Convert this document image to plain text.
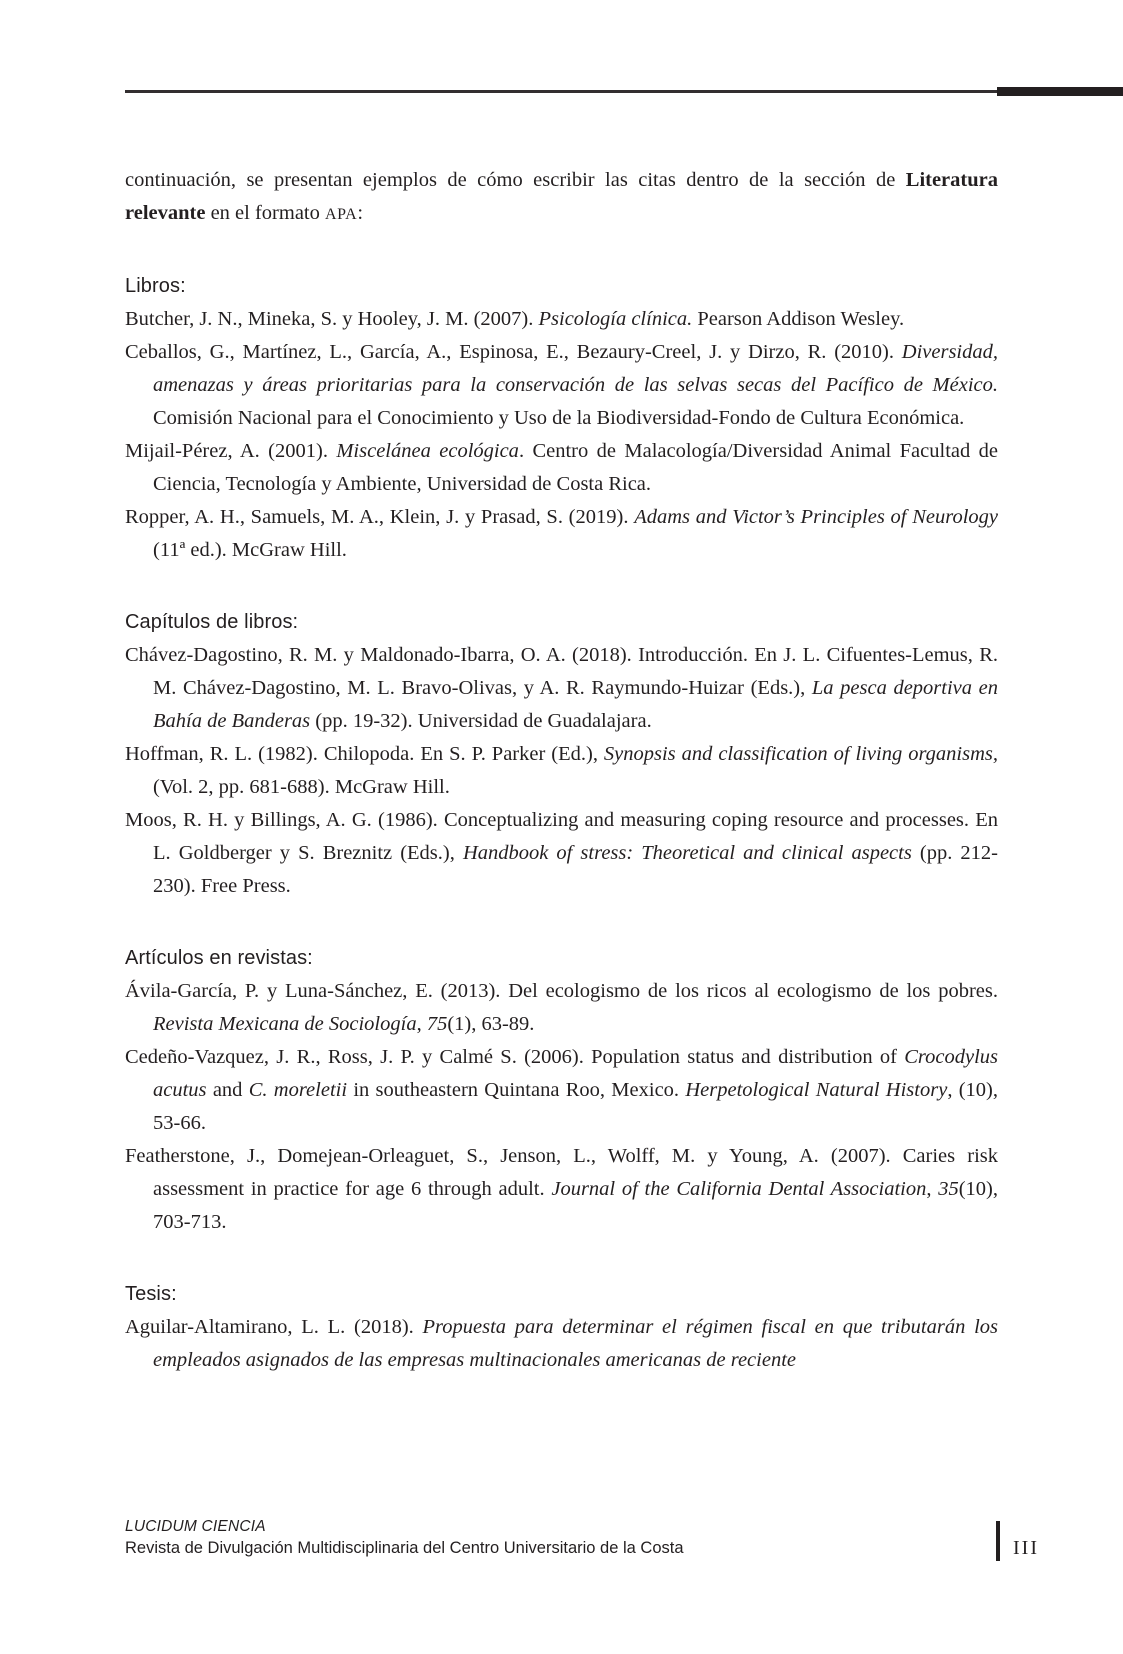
continuación, se presentan ejemplos de cómo escribir las citas dentro de la sección de Literatura relevante en el formato APA:

Libros:

Butcher, J. N., Mineka, S. y Hooley, J. M. (2007). Psicología clínica. Pearson Addison Wesley.

Ceballos, G., Martínez, L., García, A., Espinosa, E., Bezaury-Creel, J. y Dirzo, R. (2010). Diversidad, amenazas y áreas prioritarias para la conservación de las selvas secas del Pacífico de México. Comisión Nacional para el Conocimiento y Uso de la Biodiversidad-Fondo de Cultura Económica.

Mijail-Pérez, A. (2001). Miscelánea ecológica. Centro de Malacología/Diversidad Animal Facultad de Ciencia, Tecnología y Ambiente, Universidad de Costa Rica.

Ropper, A. H., Samuels, M. A., Klein, J. y Prasad, S. (2019). Adams and Victor’s Principles of Neurology (11ª ed.). McGraw Hill.

Capítulos de libros:

Chávez-Dagostino, R. M. y Maldonado-Ibarra, O. A. (2018). Introducción. En J. L. Cifuentes-Lemus, R. M. Chávez-Dagostino, M. L. Bravo-Olivas, y A. R. Raymundo-Huizar (Eds.), La pesca deportiva en Bahía de Banderas (pp. 19-32). Universidad de Guadalajara.

Hoffman, R. L. (1982). Chilopoda. En S. P. Parker (Ed.), Synopsis and classification of living organisms, (Vol. 2, pp. 681-688). McGraw Hill.

Moos, R. H. y Billings, A. G. (1986). Conceptualizing and measuring coping resource and processes. En L. Goldberger y S. Breznitz (Eds.), Handbook of stress: Theoretical and clinical aspects (pp. 212-230). Free Press.

Artículos en revistas:

Ávila-García, P. y Luna-Sánchez, E. (2013). Del ecologismo de los ricos al ecologismo de los pobres. Revista Mexicana de Sociología, 75(1), 63-89.

Cedeño-Vazquez, J. R., Ross, J. P. y Calmé S. (2006). Population status and distribution of Crocodylus acutus and C. moreletii in southeastern Quintana Roo, Mexico. Herpetological Natural History, (10), 53-66.

Featherstone, J., Domejean-Orleaguet, S., Jenson, L., Wolff, M. y Young, A. (2007). Caries risk assessment in practice for age 6 through adult. Journal of the California Dental Association, 35(10), 703-713.

Tesis:

Aguilar-Altamirano, L. L. (2018). Propuesta para determinar el régimen fiscal en que tributarán los empleados asignados de las empresas multinacionales americanas de reciente

LUCIDUM CIENCIA
Revista de Divulgación Multidisciplinaria del Centro Universitario de la Costa	III
